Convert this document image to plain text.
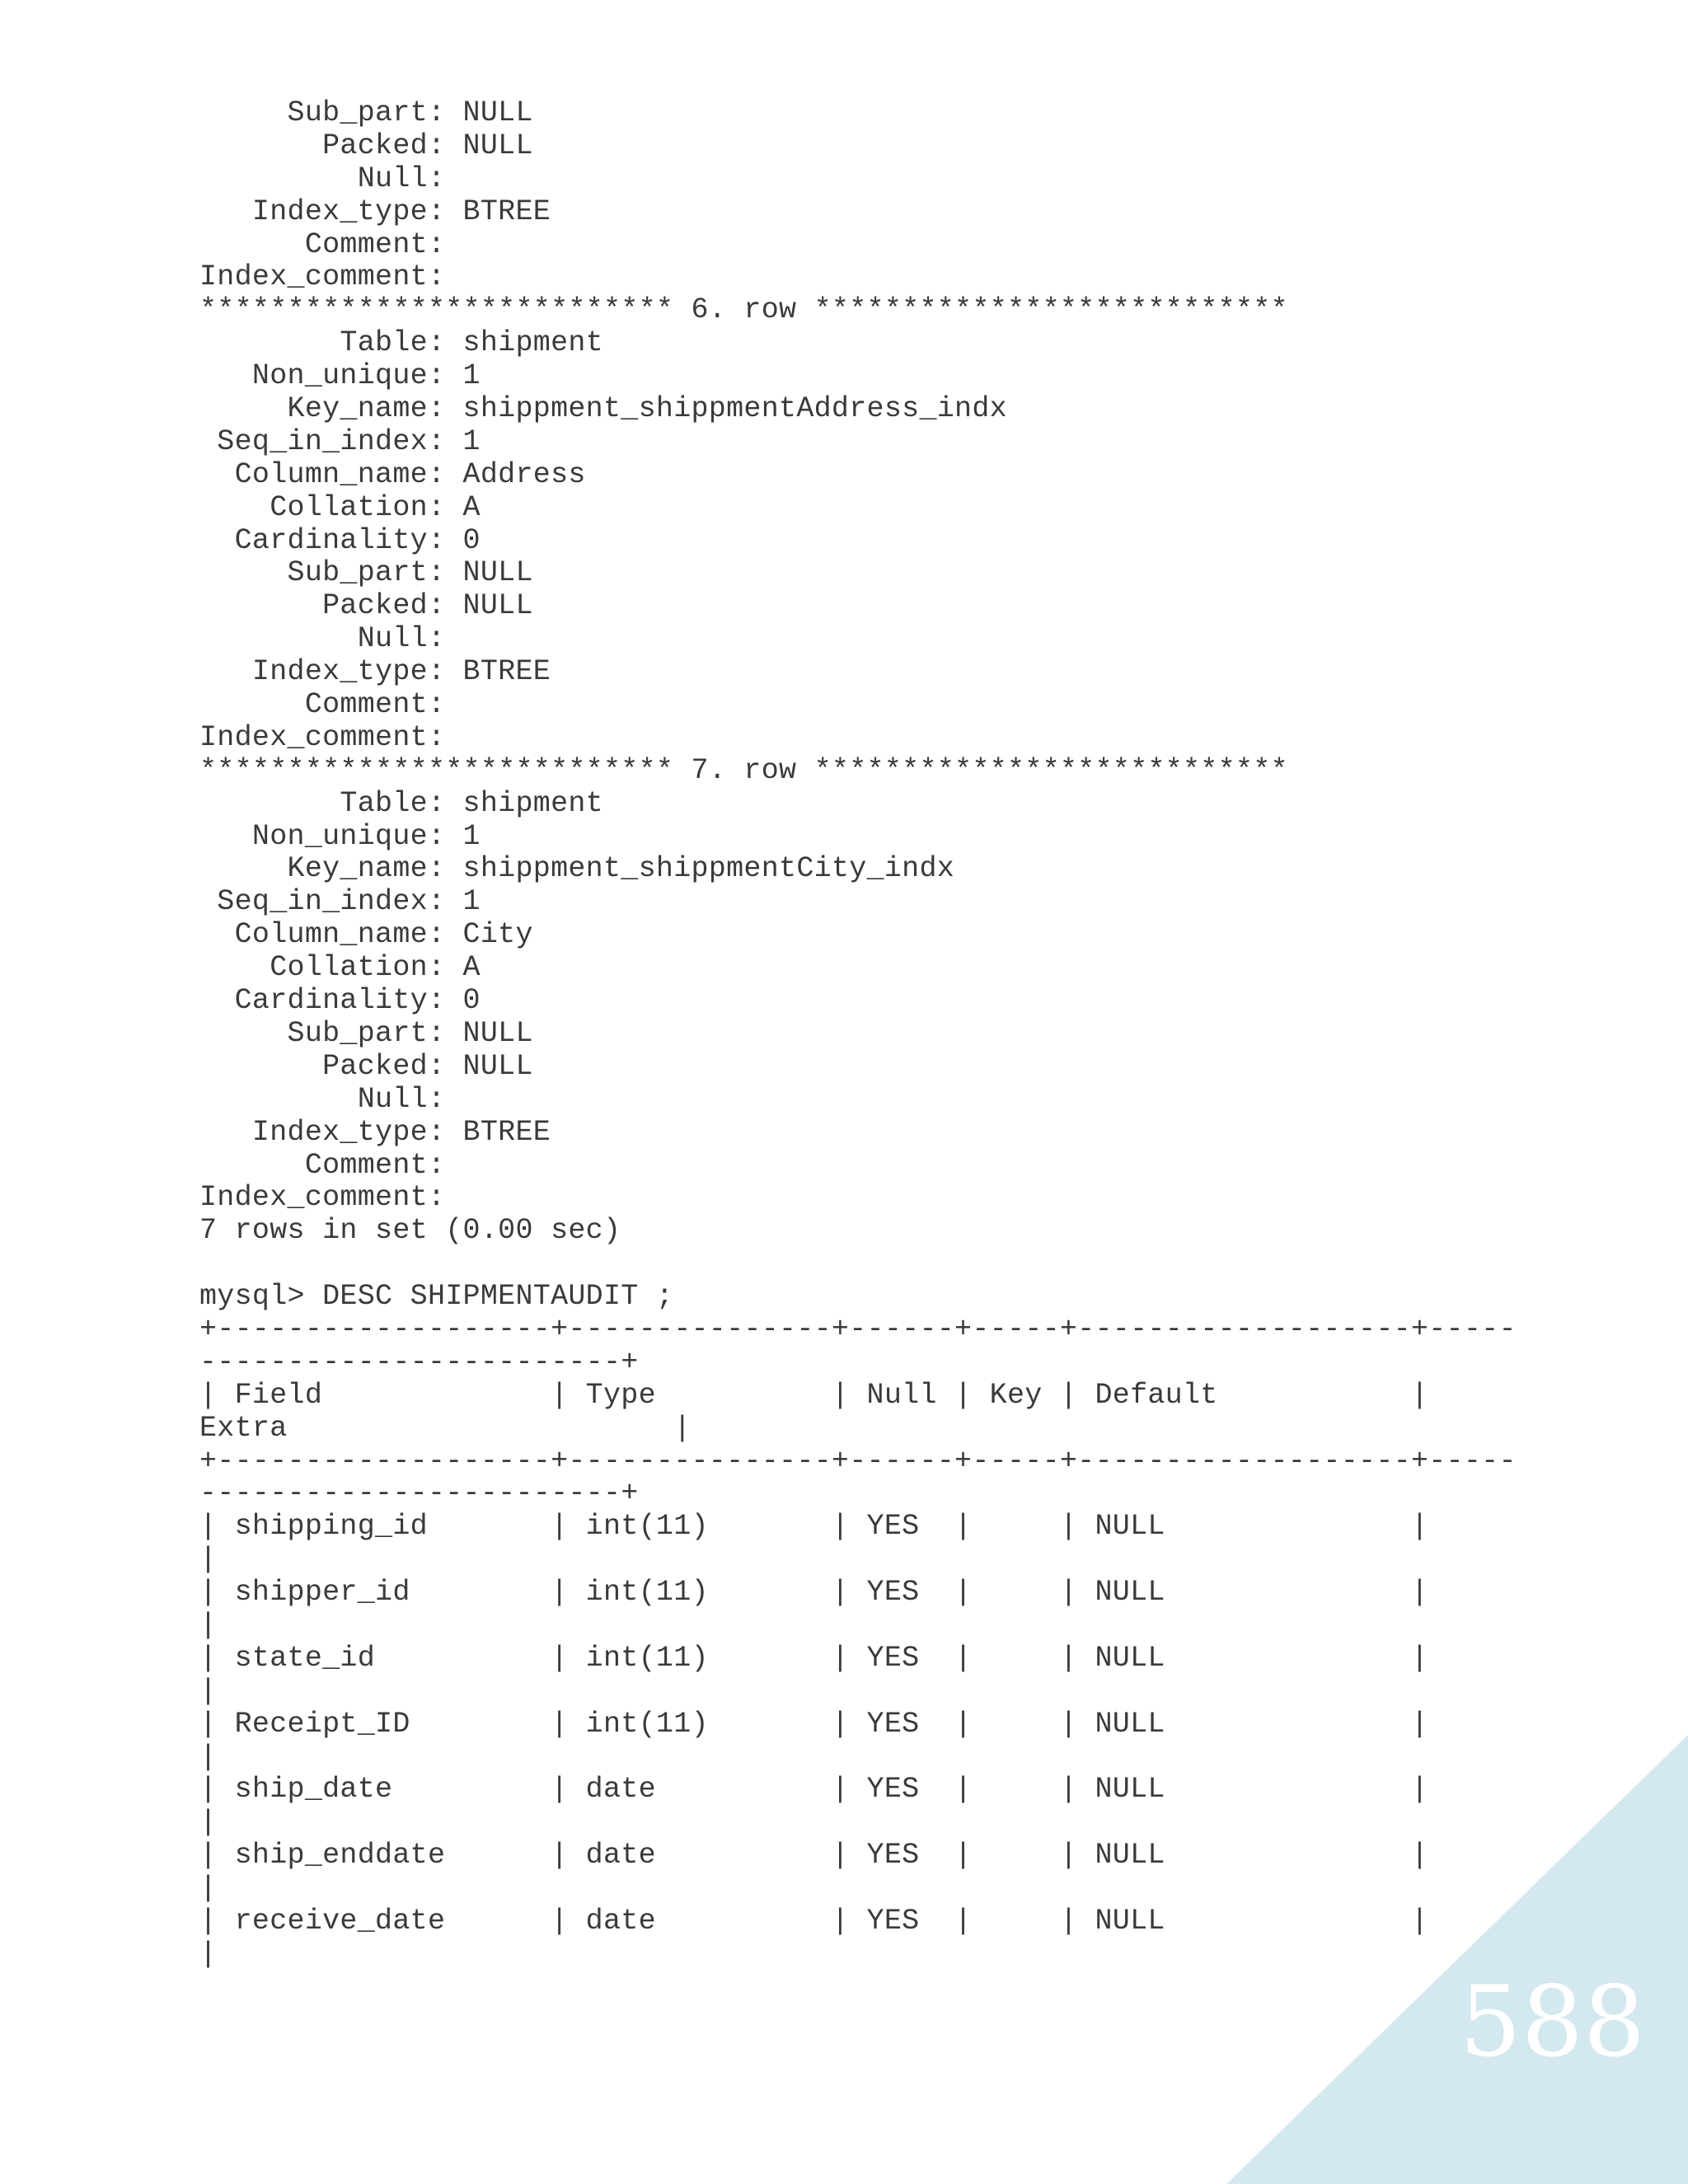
Sub_part: NULL
Packed: NULL
Null:
Index_type: BTREE
Comment:
Index_comment:
*************************** 6. row ***************************
Table: shipment
Non_unique: 1
Key_name: shippment_shippmentAddress_indx
Seq_in_index: 1
Column_name: Address
Collation: A
Cardinality: 0
Sub_part: NULL
Packed: NULL
Null:
Index_type: BTREE
Comment:
Index_comment:
*************************** 7. row ***************************
Table: shipment
Non_unique: 1
Key_name: shippment_shippmentCity_indx
Seq_in_index: 1
Column_name: City
Collation: A
Cardinality: 0
Sub_part: NULL
Packed: NULL
Null:
Index_type: BTREE
Comment:
Index_comment:
7 rows in set (0.00 sec)
mysql> DESC SHIPMENTAUDIT ;
+-------------------+---------------+------+-----+-------------------+-----
------------------------+
| Field             | Type          | Null | Key | Default           |
Extra                      |
+-------------------+---------------+------+-----+-------------------+-----
------------------------+
| shipping_id       | int(11)       | YES  |     | NULL              |
|
| shipper_id        | int(11)       | YES  |     | NULL              |
|
| state_id          | int(11)       | YES  |     | NULL              |
|
| Receipt_ID        | int(11)       | YES  |     | NULL              |
|
| ship_date         | date          | YES  |     | NULL              |
|
| ship_enddate      | date          | YES  |     | NULL              |
|
| receive_date      | date          | YES  |     | NULL              |
|
588
